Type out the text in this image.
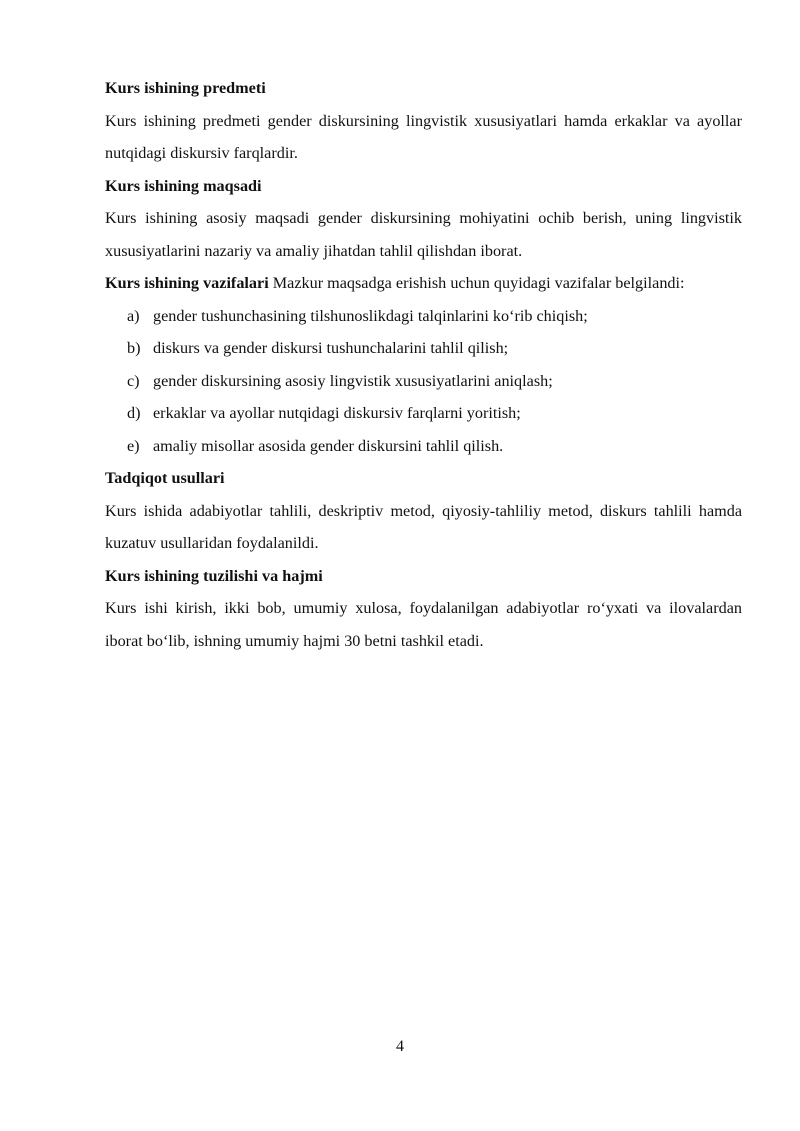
Kurs ishining predmeti

Kurs ishining predmeti gender diskursining lingvistik xususiyatlari hamda erkaklar va ayollar nutqidagi diskursiv farqlardir.

Kurs ishining maqsadi

Kurs ishining asosiy maqsadi gender diskursining mohiyatini ochib berish, uning lingvistik xususiyatlarini nazariy va amaliy jihatdan tahlil qilishdan iborat.

Kurs ishining vazifalari Mazkur maqsadga erishish uchun quyidagi vazifalar belgilandi:

a) gender tushunchasining tilshunoslikdagi talqinlarini ko‘rib chiqish;
b) diskurs va gender diskursi tushunchalarini tahlil qilish;
c) gender diskursining asosiy lingvistik xususiyatlarini aniqlash;
d) erkaklar va ayollar nutqidagi diskursiv farqlarni yoritish;
e) amaliy misollar asosida gender diskursini tahlil qilish.

Tadqiqot usullari

Kurs ishida adabiyotlar tahlili, deskriptiv metod, qiyosiy-tahliliy metod, diskurs tahlili hamda kuzatuv usullaridan foydalanildi.

Kurs ishining tuzilishi va hajmi

Kurs ishi kirish, ikki bob, umumiy xulosa, foydalanilgan adabiyotlar ro‘yxati va ilovalardan iborat bo‘lib, ishning umumiy hajmi 30 betni tashkil etadi.

4
